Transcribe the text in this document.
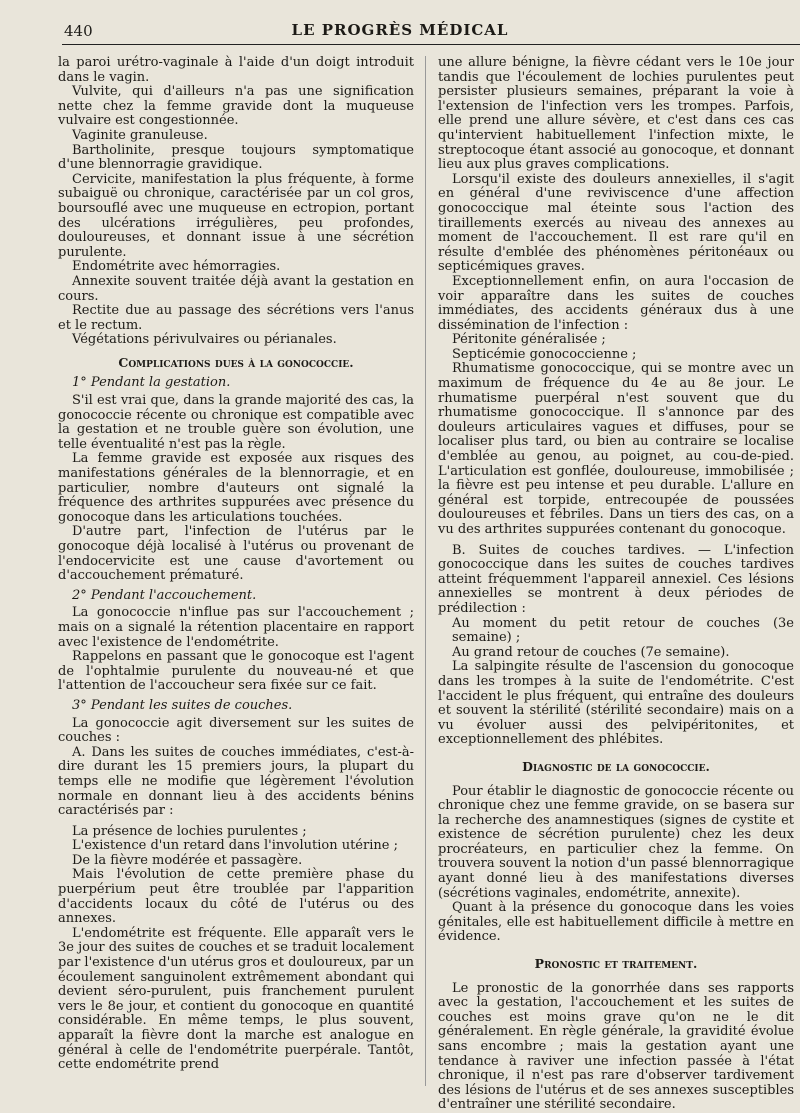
440	LE PROGRÈS MÉDICAL

la paroi urétro-vaginale à l'aide d'un doigt introduit dans le vagin.

Vulvite, qui d'ailleurs n'a pas une signification nette chez la femme gravide dont la muqueuse vulvaire est congestionnée.

Vaginite granuleuse.

Bartholinite, presque toujours symptomatique d'une blennorragie gravidique.

Cervicite, manifestation la plus fréquente, à forme subaiguë ou chronique, caractérisée par un col gros, boursouflé avec une muqueuse en ectropion, portant des ulcérations irrégulières, peu profondes, douloureuses, et donnant issue à une sécrétion purulente.

Endométrite avec hémorragies.

Annexite souvent traitée déjà avant la gestation en cours.

Rectite due au passage des sécrétions vers l'anus et le rectum.

Végétations périvulvaires ou périanales.

Complications dues à la gonococcie.
1° Pendant la gestation.

S'il est vrai que, dans la grande majorité des cas, la gonococcie récente ou chronique est compatible avec la gestation et ne trouble guère son évolution, une telle éventualité n'est pas la règle.

La femme gravide est exposée aux risques des manifestations générales de la blennorragie, et en particulier, nombre d'auteurs ont signalé la fréquence des arthrites suppurées avec présence du gonocoque dans les articulations touchées.

D'autre part, l'infection de l'utérus par le gonocoque déjà localisé à l'utérus ou provenant de l'endocervicite est une cause d'avortement ou d'accouchement prématuré.

2° Pendant l'accouchement.

La gonococcie n'influe pas sur l'accouchement ; mais on a signalé la rétention placentaire en rapport avec l'existence de l'endométrite.

Rappelons en passant que le gonocoque est l'agent de l'ophtalmie purulente du nouveau-né et que l'attention de l'accoucheur sera fixée sur ce fait.

3° Pendant les suites de couches.

La gonococcie agit diversement sur les suites de couches :

A. Dans les suites de couches immédiates, c'est-à-dire durant les 15 premiers jours, la plupart du temps elle ne modifie que légèrement l'évolution normale en donnant lieu à des accidents bénins caractérisés par :

La présence de lochies purulentes ;

L'existence d'un retard dans l'involution utérine ;

De la fièvre modérée et passagère.

Mais l'évolution de cette première phase du puerpérium peut être troublée par l'apparition d'accidents locaux du côté de l'utérus ou des annexes.

L'endométrite est fréquente. Elle apparaît vers le 3e jour des suites de couches et se traduit localement par l'existence d'un utérus gros et douloureux, par un écoulement sanguinolent extrêmement abondant qui devient séro-purulent, puis franchement purulent vers le 8e jour, et contient du gonocoque en quantité considérable. En même temps, le plus souvent, apparaît la fièvre dont la marche est analogue en général à celle de l'endométrite puerpérale. Tantôt, cette endométrite prend

une allure bénigne, la fièvre cédant vers le 10e jour tandis que l'écoulement de lochies purulentes peut persister plusieurs semaines, préparant la voie à l'extension de l'infection vers les trompes. Parfois, elle prend une allure sévère, et c'est dans ces cas qu'intervient habituellement l'infection mixte, le streptocoque étant associé au gonocoque, et donnant lieu aux plus graves complications.

Lorsqu'il existe des douleurs annexielles, il s'agit en général d'une reviviscence d'une affection gonococcique mal éteinte sous l'action des tiraillements exercés au niveau des annexes au moment de l'accouchement. Il est rare qu'il en résulte d'emblée des phénomènes péritonéaux ou septicémiques graves.

Exceptionnellement enfin, on aura l'occasion de voir apparaître dans les suites de couches immédiates, des accidents généraux dus à une dissémination de l'infection :

Péritonite généralisée ;

Septicémie gonococcienne ;

Rhumatisme gonococcique, qui se montre avec un maximum de fréquence du 4e au 8e jour. Le rhumatisme puerpéral n'est souvent que du rhumatisme gonococcique. Il s'annonce par des douleurs articulaires vagues et diffuses, pour se localiser plus tard, ou bien au contraire se localise d'emblée au genou, au poignet, au cou-de-pied. L'articulation est gonflée, douloureuse, immobilisée ; la fièvre est peu intense et peu durable. L'allure en général est torpide, entrecoupée de poussées douloureuses et fébriles. Dans un tiers des cas, on a vu des arthrites suppurées contenant du gonocoque.

B. Suites de couches tardives. — L'infection gonococcique dans les suites de couches tardives atteint fréquemment l'appareil annexiel. Ces lésions annexielles se montrent à deux périodes de prédilection :

Au moment du petit retour de couches (3e semaine) ;

Au grand retour de couches (7e semaine).

La salpingite résulte de l'ascension du gonocoque dans les trompes à la suite de l'endométrite. C'est l'accident le plus fréquent, qui entraîne des douleurs et souvent la stérilité (stérilité secondaire) mais on a vu évoluer aussi des pelvipéritonites, et exceptionnellement des phlébites.

Diagnostic de la gonococcie.

Pour établir le diagnostic de gonococcie récente ou chronique chez une femme gravide, on se basera sur la recherche des anamnestiques (signes de cystite et existence de sécrétion purulente) chez les deux procréateurs, en particulier chez la femme. On trouvera souvent la notion d'un passé blennorragique ayant donné lieu à des manifestations diverses (sécrétions vaginales, endométrite, annexite).

Quant à la présence du gonocoque dans les voies génitales, elle est habituellement difficile à mettre en évidence.

Pronostic et traitement.

Le pronostic de la gonorrhée dans ses rapports avec la gestation, l'accouchement et les suites de couches est moins grave qu'on ne le dit généralement. En règle générale, la gravidité évolue sans encombre ; mais la gestation ayant une tendance à raviver une infection passée à l'état chronique, il n'est pas rare d'observer tardivement des lésions de l'utérus et de ses annexes susceptibles d'entraîner une stérilité secondaire.
